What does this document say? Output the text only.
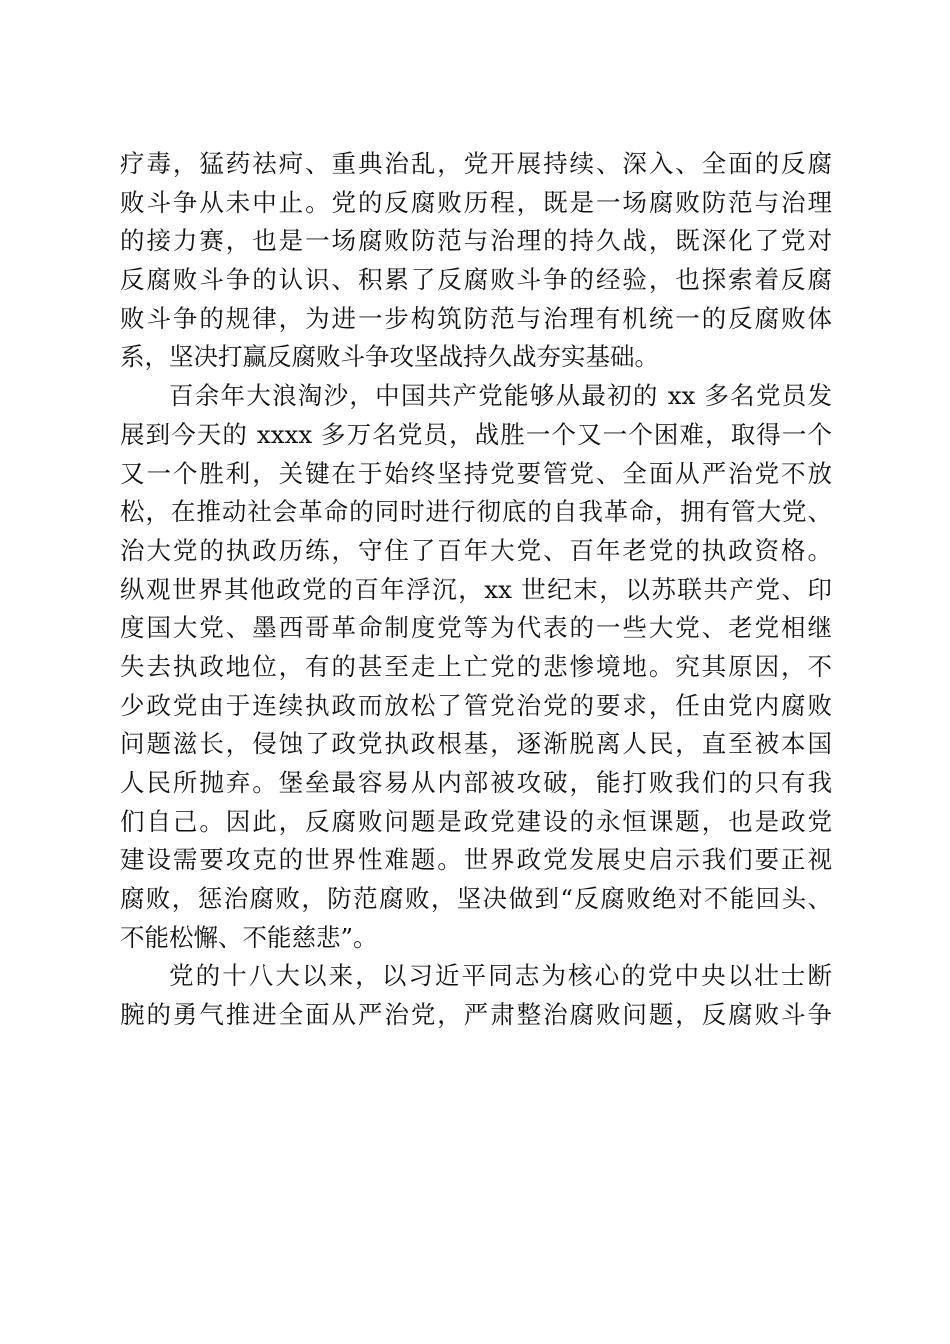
疗毒，猛药祛疴、重典治乱，党开展持续、深入、全面的反腐
败斗争从未中止。党的反腐败历程，既是一场腐败防范与治理
的接力赛，也是一场腐败防范与治理的持久战，既深化了党对
反腐败斗争的认识、积累了反腐败斗争的经验，也探索着反腐
败斗争的规律，为进一步构筑防范与治理有机统一的反腐败体
系，坚决打赢反腐败斗争攻坚战持久战夯实基础。
百余年大浪淘沙，中国共产党能够从最初的 xx 多名党员发
展到今天的 xxxx 多万名党员，战胜一个又一个困难，取得一个
又一个胜利，关键在于始终坚持党要管党、全面从严治党不放
松，在推动社会革命的同时进行彻底的自我革命，拥有管大党、
治大党的执政历练，守住了百年大党、百年老党的执政资格。
纵观世界其他政党的百年浮沉，xx 世纪末，以苏联共产党、印
度国大党、墨西哥革命制度党等为代表的一些大党、老党相继
失去执政地位，有的甚至走上亡党的悲惨境地。究其原因，不
少政党由于连续执政而放松了管党治党的要求，任由党内腐败
问题滋长，侵蚀了政党执政根基，逐渐脱离人民，直至被本国
人民所抛弃。堡垒最容易从内部被攻破，能打败我们的只有我
们自己。因此，反腐败问题是政党建设的永恒课题，也是政党
建设需要攻克的世界性难题。世界政党发展史启示我们要正视
腐败，惩治腐败，防范腐败，坚决做到“反腐败绝对不能回头、
不能松懈、不能慈悲”。
党的十八大以来，以习近平同志为核心的党中央以壮士断
腕的勇气推进全面从严治党，严肃整治腐败问题，反腐败斗争
